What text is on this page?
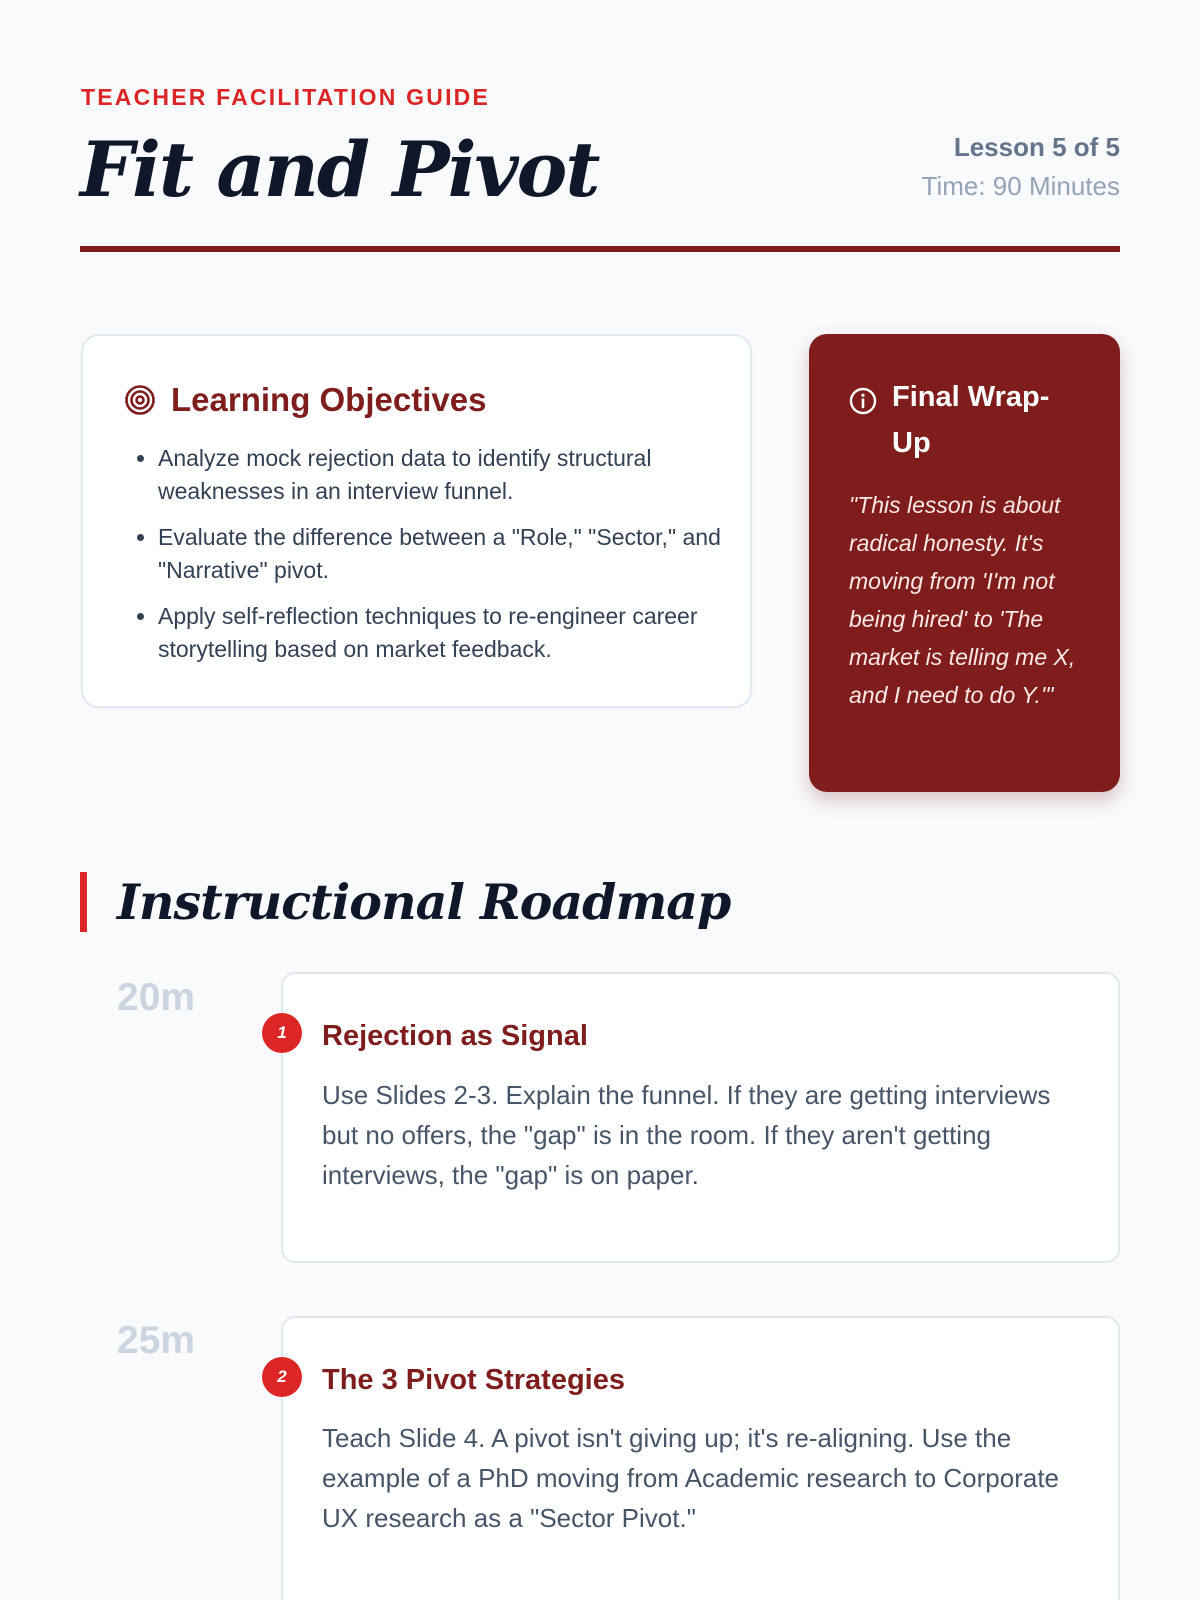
TEACHER FACILITATION GUIDE
Fit and Pivot	Lesson 5 of 5
Time: 90 Minutes
Learning Objectives
• Analyze mock rejection data to identify structural weaknesses in an interview funnel.
• Evaluate the difference between a "Role," "Sector," and "Narrative" pivot.
• Apply self-reflection techniques to re-engineer career storytelling based on market feedback.
Final Wrap-Up
"This lesson is about radical honesty. It's moving from 'I'm not being hired' to 'The market is telling me X, and I need to do Y.'"
Instructional Roadmap
20m
1	Rejection as Signal
Use Slides 2-3. Explain the funnel. If they are getting interviews but no offers, the "gap" is in the room. If they aren't getting interviews, the "gap" is on paper.
25m
2	The 3 Pivot Strategies
Teach Slide 4. A pivot isn't giving up; it's re-aligning. Use the example of a PhD moving from Academic research to Corporate UX research as a "Sector Pivot."
